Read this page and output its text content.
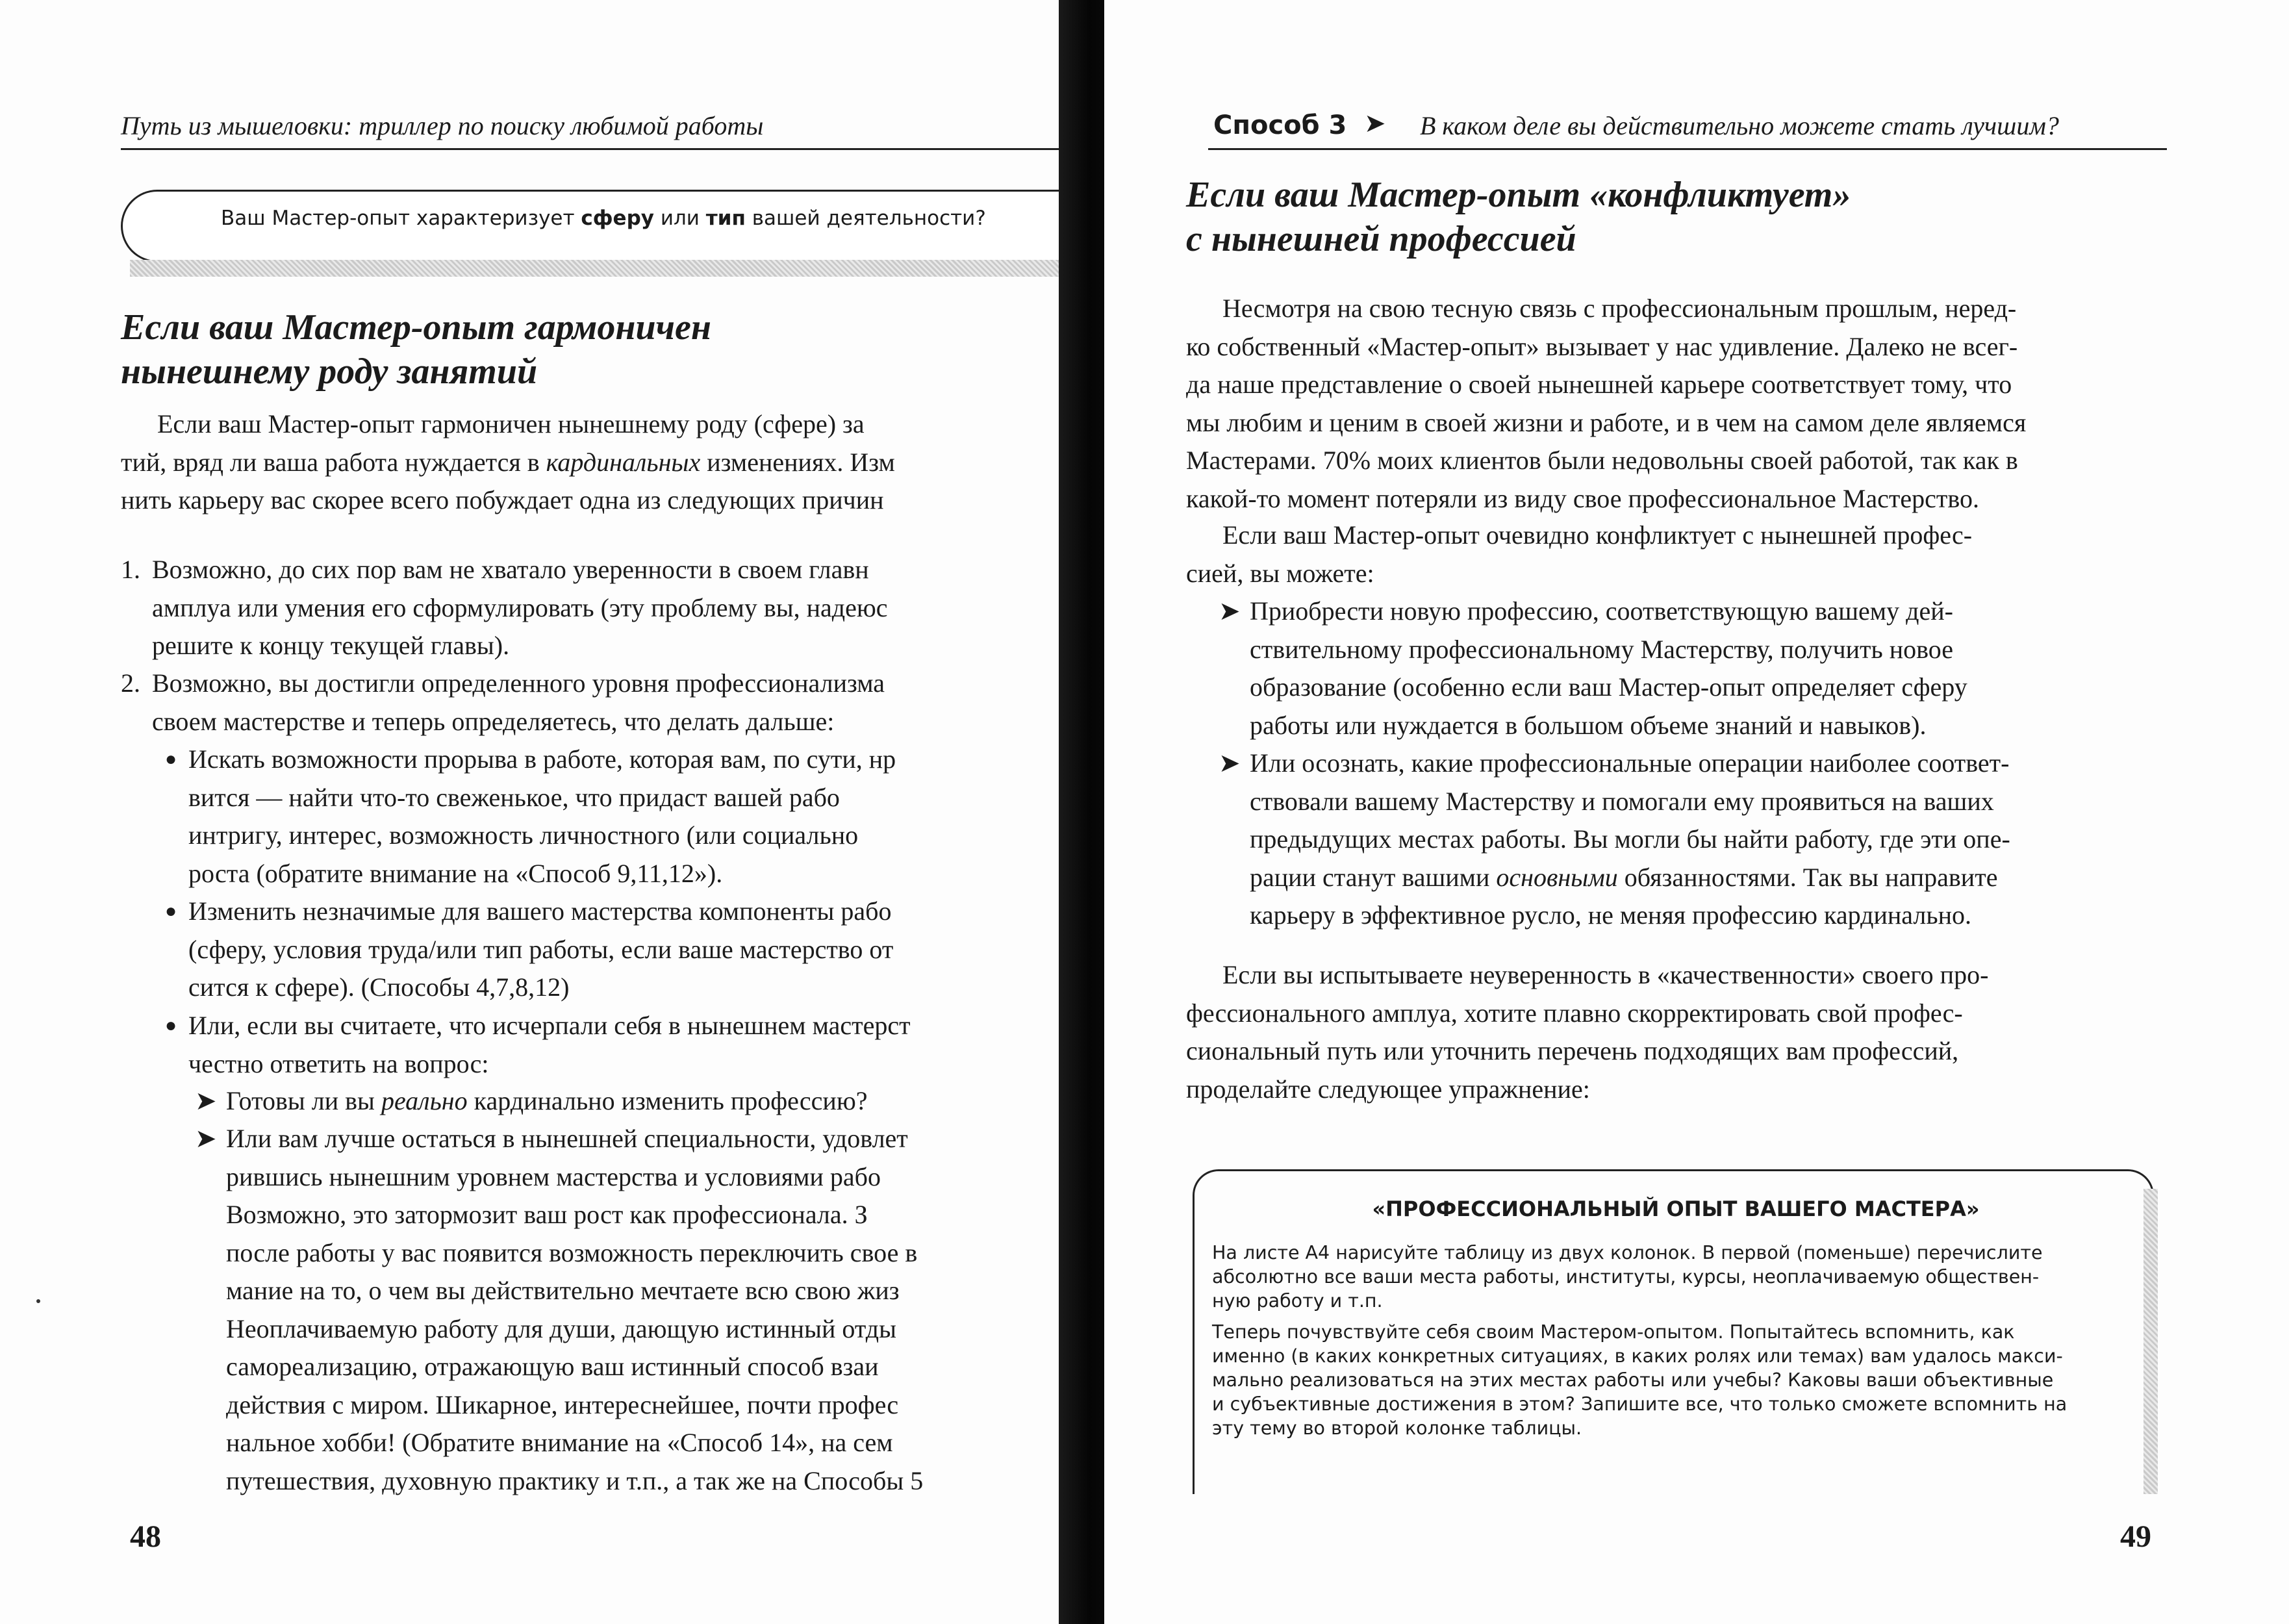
Путь из мышеловки: триллер по поиску любимой работы
Ваш Мастер-опыт характеризует сферу или тип вашей деятельности?
Если ваш Мастер-опыт гармоничен
нынешнему роду занятий
Если ваш Мастер-опыт гармоничен нынешнему роду (сфере) за
тий, вряд ли ваша работа нуждается в кардинальных изменениях. Изм
нить карьеру вас скорее всего побуждает одна из следующих причин
1. Возможно, до сих пор вам не хватало уверенности в своем главн
амплуа или умения его сформулировать (эту проблему вы, надеюс
решите к концу текущей главы).
2. Возможно, вы достигли определенного уровня профессионализма
своем мастерстве и теперь определяетесь, что делать дальше:
● Искать возможности прорыва в работе, которая вам, по сути, нр
вится — найти что-то свеженькое, что придаст вашей рабо
интригу, интерес, возможность личностного (или социально
роста (обратите внимание на «Способ 9,11,12»).
● Изменить незначимые для вашего мастерства компоненты рабо
(сферу, условия труда/или тип работы, если ваше мастерство от
сится к сфере). (Способы 4,7,8,12)
● Или, если вы считаете, что исчерпали себя в нынешнем мастерст
честно ответить на вопрос:
➤ Готовы ли вы реально кардинально изменить профессию?
➤ Или вам лучше остаться в нынешней специальности, удовлет
рившись нынешним уровнем мастерства и условиями рабо
Возможно, это затормозит ваш рост как профессионала. З
после работы у вас появится возможность переключить свое в
мание на то, о чем вы действительно мечтаете всю свою жиз
Неоплачиваемую работу для души, дающую истинный отды
самореализацию, отражающую ваш истинный способ взаи
действия с миром. Шикарное, интереснейшее, почти профес
нальное хобби! (Обратите внимание на «Способ 14», на сем
путешествия, духовную практику и т.п., а так же на Способы 5
48
Способ 3 ➤ В каком деле вы действительно можете стать лучшим?
Если ваш Мастер-опыт «конфликтует»
с нынешней профессией
Несмотря на свою тесную связь с профессиональным прошлым, неред-
ко собственный «Мастер-опыт» вызывает у нас удивление. Далеко не всег-
да наше представление о своей нынешней карьере соответствует тому, что
мы любим и ценим в своей жизни и работе, и в чем на самом деле являемся
Мастерами. 70% моих клиентов были недовольны своей работой, так как в
какой-то момент потеряли из виду свое профессиональное Мастерство.
Если ваш Мастер-опыт очевидно конфликтует с нынешней профес-
сией, вы можете:
➤ Приобрести новую профессию, соответствующую вашему дей-
ствительному профессиональному Мастерству, получить новое
образование (особенно если ваш Мастер-опыт определяет сферу
работы или нуждается в большом объеме знаний и навыков).
➤ Или осознать, какие профессиональные операции наиболее соответ-
ствовали вашему Мастерству и помогали ему проявиться на ваших
предыдущих местах работы. Вы могли бы найти работу, где эти опе-
рации станут вашими основными обязанностями. Так вы направите
карьеру в эффективное русло, не меняя профессию кардинально.
Если вы испытываете неуверенность в «качественности» своего про-
фессионального амплуа, хотите плавно скорректировать свой профес-
сиональный путь или уточнить перечень подходящих вам профессий,
проделайте следующее упражнение:
«ПРОФЕССИОНАЛЬНЫЙ ОПЫТ ВАШЕГО МАСТЕРА»
На листе А4 нарисуйте таблицу из двух колонок. В первой (поменьше) перечислите
абсолютно все ваши места работы, институты, курсы, неоплачиваемую обществен-
ную работу и т.п.
Теперь почувствуйте себя своим Мастером-опытом. Попытайтесь вспомнить, как
именно (в каких конкретных ситуациях, в каких ролях или темах) вам удалось макси-
мально реализоваться на этих местах работы или учебы? Каковы ваши объективные
и субъективные достижения в этом? Запишите все, что только сможете вспомнить на
эту тему во второй колонке таблицы.
49
